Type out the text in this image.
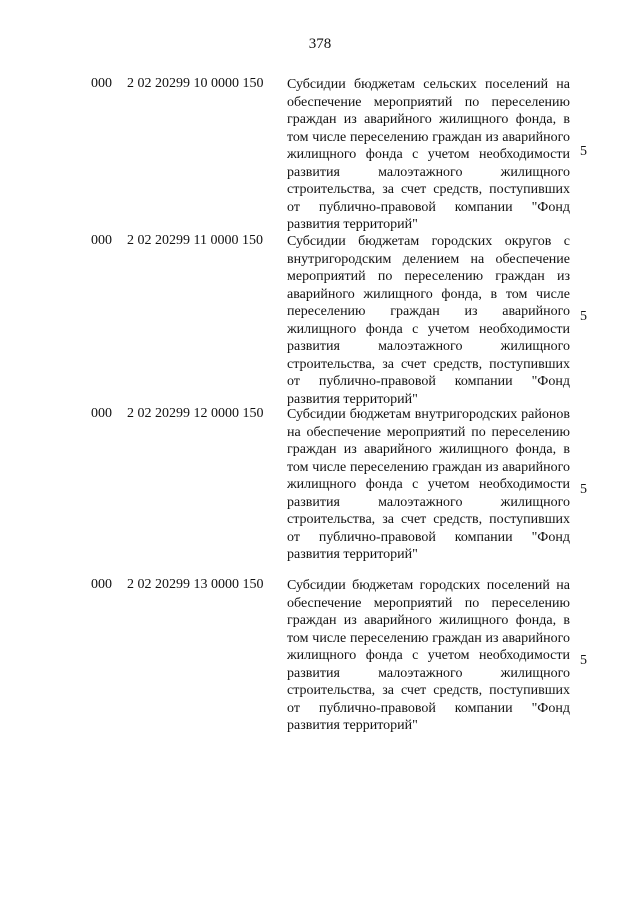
378
000 2 02 20299 10 0000 150 Субсидии бюджетам сельских поселений на обеспечение мероприятий по переселению граждан из аварийного жилищного фонда, в том числе переселению граждан из аварийного жилищного фонда с учетом необходимости развития малоэтажного жилищного строительства, за счет средств, поступивших от публично-правовой компании "Фонд развития территорий"
5
000 2 02 20299 11 0000 150 Субсидии бюджетам городских округов с внутригородским делением на обеспечение мероприятий по переселению граждан из аварийного жилищного фонда, в том числе переселению граждан из аварийного жилищного фонда с учетом необходимости развития малоэтажного жилищного строительства, за счет средств, поступивших от публично-правовой компании "Фонд развития территорий"
5
000 2 02 20299 12 0000 150 Субсидии бюджетам внутригородских районов на обеспечение мероприятий по переселению граждан из аварийного жилищного фонда, в том числе переселению граждан из аварийного жилищного фонда с учетом необходимости развития малоэтажного жилищного строительства, за счет средств, поступивших от публично-правовой компании "Фонд развития территорий"
5
000 2 02 20299 13 0000 150 Субсидии бюджетам городских поселений на обеспечение мероприятий по переселению граждан из аварийного жилищного фонда, в том числе переселению граждан из аварийного жилищного фонда с учетом необходимости развития малоэтажного жилищного строительства, за счет средств, поступивших от публично-правовой компании "Фонд развития территорий"
5
